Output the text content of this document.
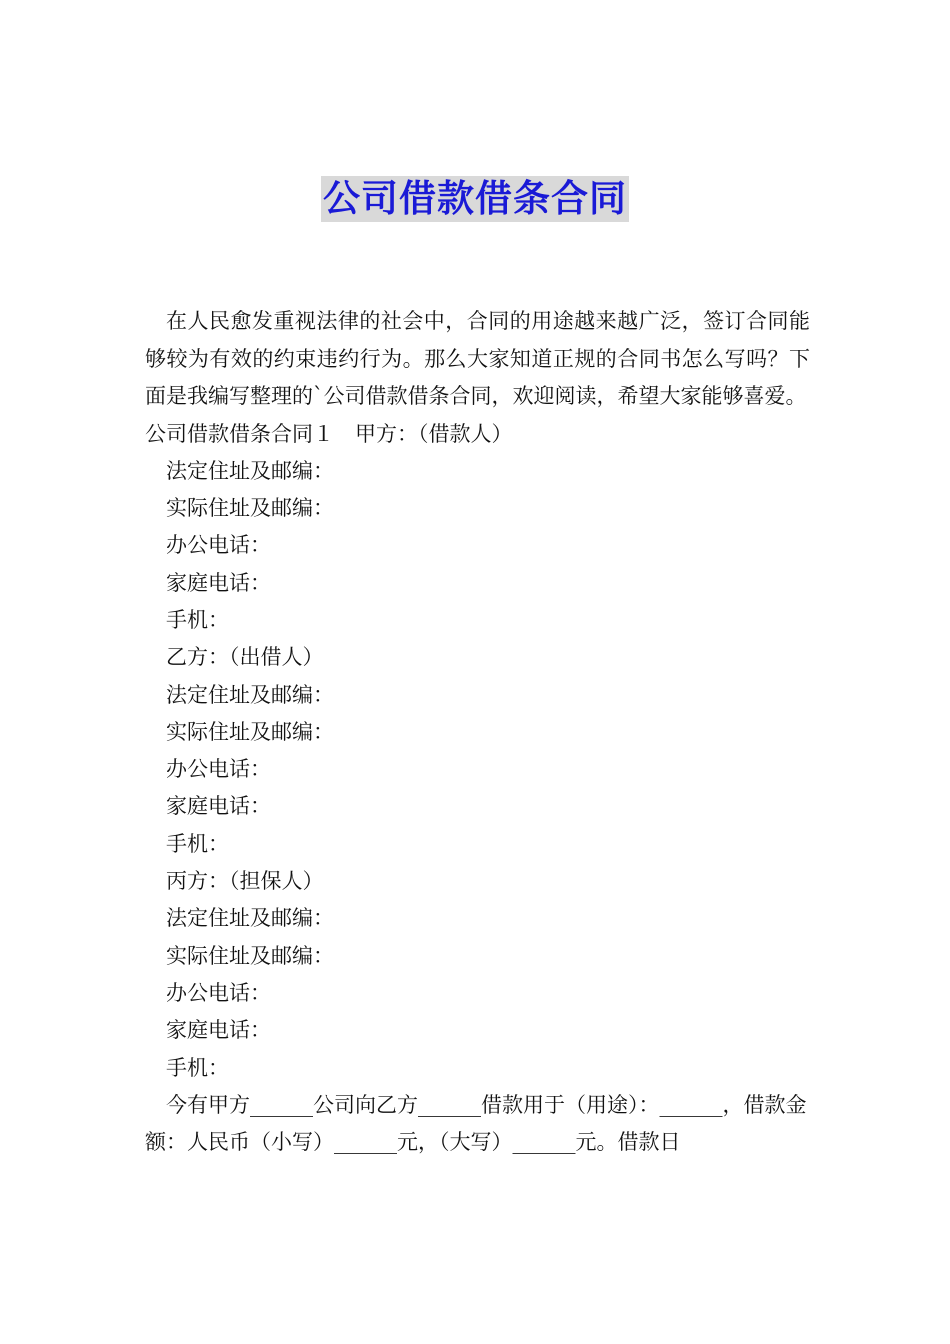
公司借款借条合同

在人民愈发重视法律的社会中，合同的用途越来越广泛，签订合同能够较为有效的约束违约行为。那么大家知道正规的合同书怎么写吗？下面是我编写整理的`公司借款借条合同，欢迎阅读，希望大家能够喜爱。

公司借款借条合同１　甲方：（借款人）

法定住址及邮编：

实际住址及邮编：

办公电话：

家庭电话：

手机：

乙方：（出借人）

法定住址及邮编：

实际住址及邮编：

办公电话：

家庭电话：

手机：

丙方：（担保人）

法定住址及邮编：

实际住址及邮编：

办公电话：

家庭电话：

手机：

今有甲方______公司向乙方______借款用于（用途）：______，借款金额：人民币（小写）______元，（大写）______元。借款日
